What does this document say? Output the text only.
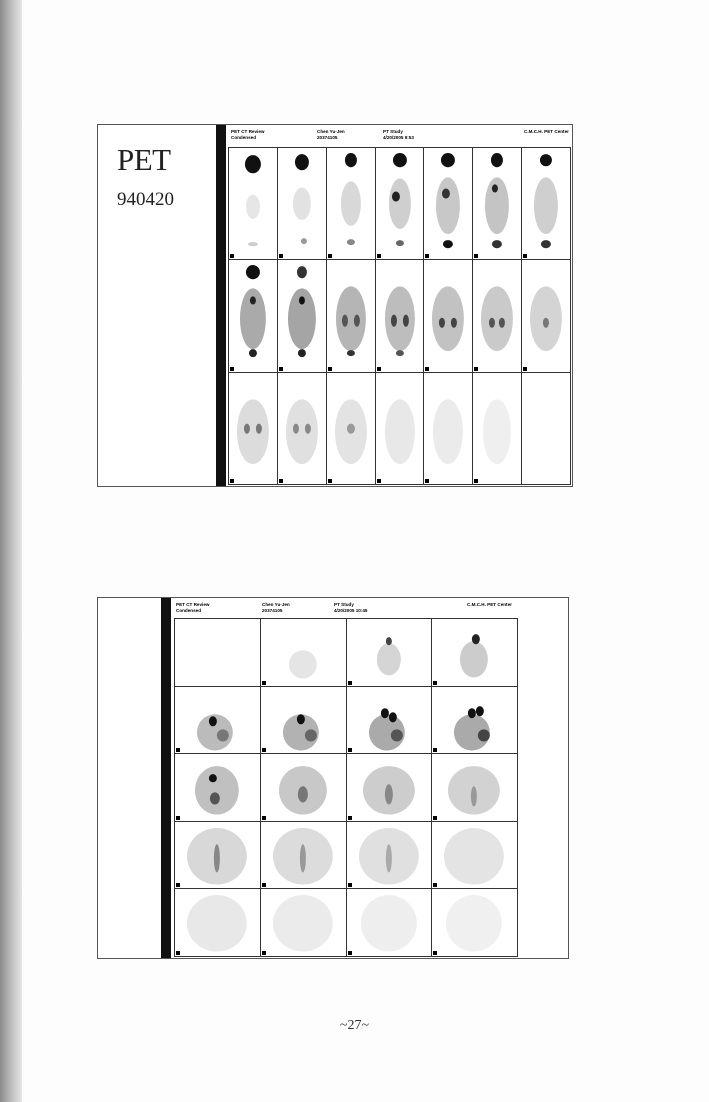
PET
940420
PET CT Review
Condensed
Chen Yu-Jen
20374105
PT Study
4/20/2005 9:53
C.M.C.H. PET Center
PET CT Review
Condensed
Chen Yu-Jen
20374105
PT Study
4/20/2005 10:45
C.M.C.H. PET Center
~27~
